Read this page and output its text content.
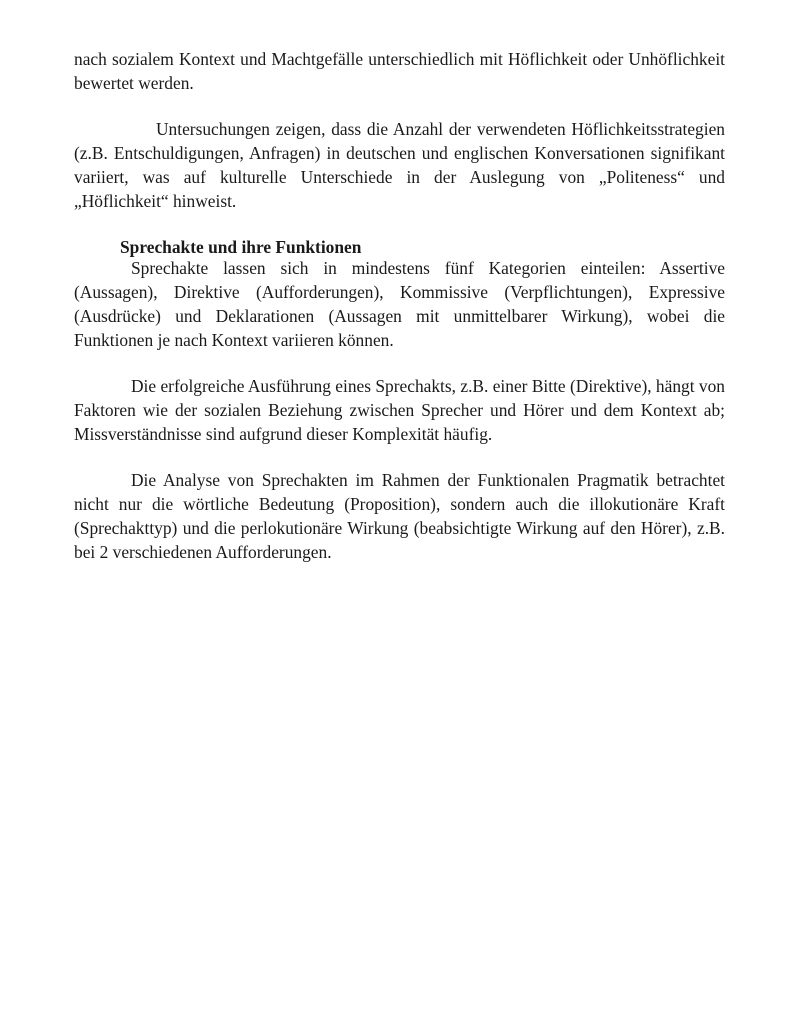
nach sozialem Kontext und Machtgefälle unterschiedlich mit Höflichkeit oder Unhöflichkeit bewertet werden.

Untersuchungen zeigen, dass die Anzahl der verwendeten Höflichkeitsstrategien (z.B. Entschuldigungen, Anfragen) in deutschen und englischen Konversationen signifikant variiert, was auf kulturelle Unterschiede in der Auslegung von „Politeness“ und „Höflichkeit“ hinweist.

Sprechakte und ihre Funktionen

Sprechakte lassen sich in mindestens fünf Kategorien einteilen: Assertive (Aussagen), Direktive (Aufforderungen), Kommissive (Verpflichtungen), Expressive (Ausdrücke) und Deklarationen (Aussagen mit unmittelbarer Wirkung), wobei die Funktionen je nach Kontext variieren können.

Die erfolgreiche Ausführung eines Sprechakts, z.B. einer Bitte (Direktive), hängt von Faktoren wie der sozialen Beziehung zwischen Sprecher und Hörer und dem Kontext ab; Missverständnisse sind aufgrund dieser Komplexität häufig.

Die Analyse von Sprechakten im Rahmen der Funktionalen Pragmatik betrachtet nicht nur die wörtliche Bedeutung (Proposition), sondern auch die illokutionäre Kraft (Sprechakttyp) und die perlokutionäre Wirkung (beabsichtigte Wirkung auf den Hörer), z.B. bei 2 verschiedenen Aufforderungen.
